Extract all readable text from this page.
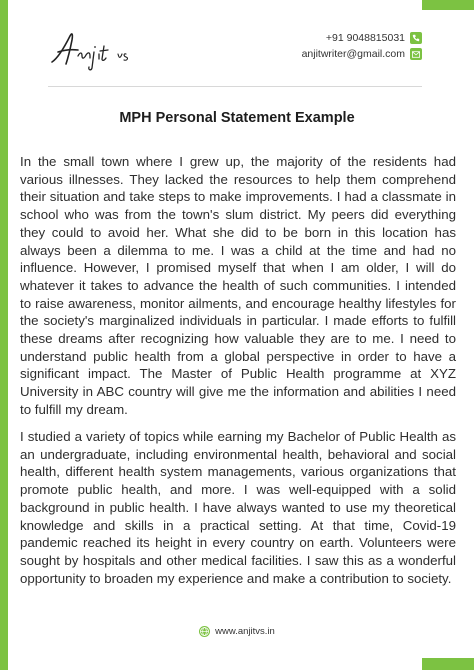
+91 9048815031
anjitwriter@gmail.com
MPH Personal Statement Example

In the small town where I grew up, the majority of the residents had various illnesses. They lacked the resources to help them comprehend their situation and take steps to make improvements. I had a classmate in school who was from the town's slum district. My peers did everything they could to avoid her. What she did to be born in this location has always been a dilemma to me. I was a child at the time and had no influence. However, I promised myself that when I am older, I will do whatever it takes to advance the health of such communities. I intended to raise awareness, monitor ailments, and encourage healthy lifestyles for the society's marginalized individuals in particular. I made efforts to fulfill these dreams after recognizing how valuable they are to me. I need to understand public health from a global perspective in order to have a significant impact. The Master of Public Health programme at XYZ University in ABC country will give me the information and abilities I need to fulfill my dream.

I studied a variety of topics while earning my Bachelor of Public Health as an undergraduate, including environmental health, behavioral and social health, different health system managements, various organizations that promote public health, and more. I was well-equipped with a solid background in public health. I have always wanted to use my theoretical knowledge and skills in a practical setting. At that time, Covid-19 pandemic reached its height in every country on earth. Volunteers were sought by hospitals and other medical facilities. I saw this as a wonderful opportunity to broaden my experience and make a contribution to society.

www.anjitvs.in
